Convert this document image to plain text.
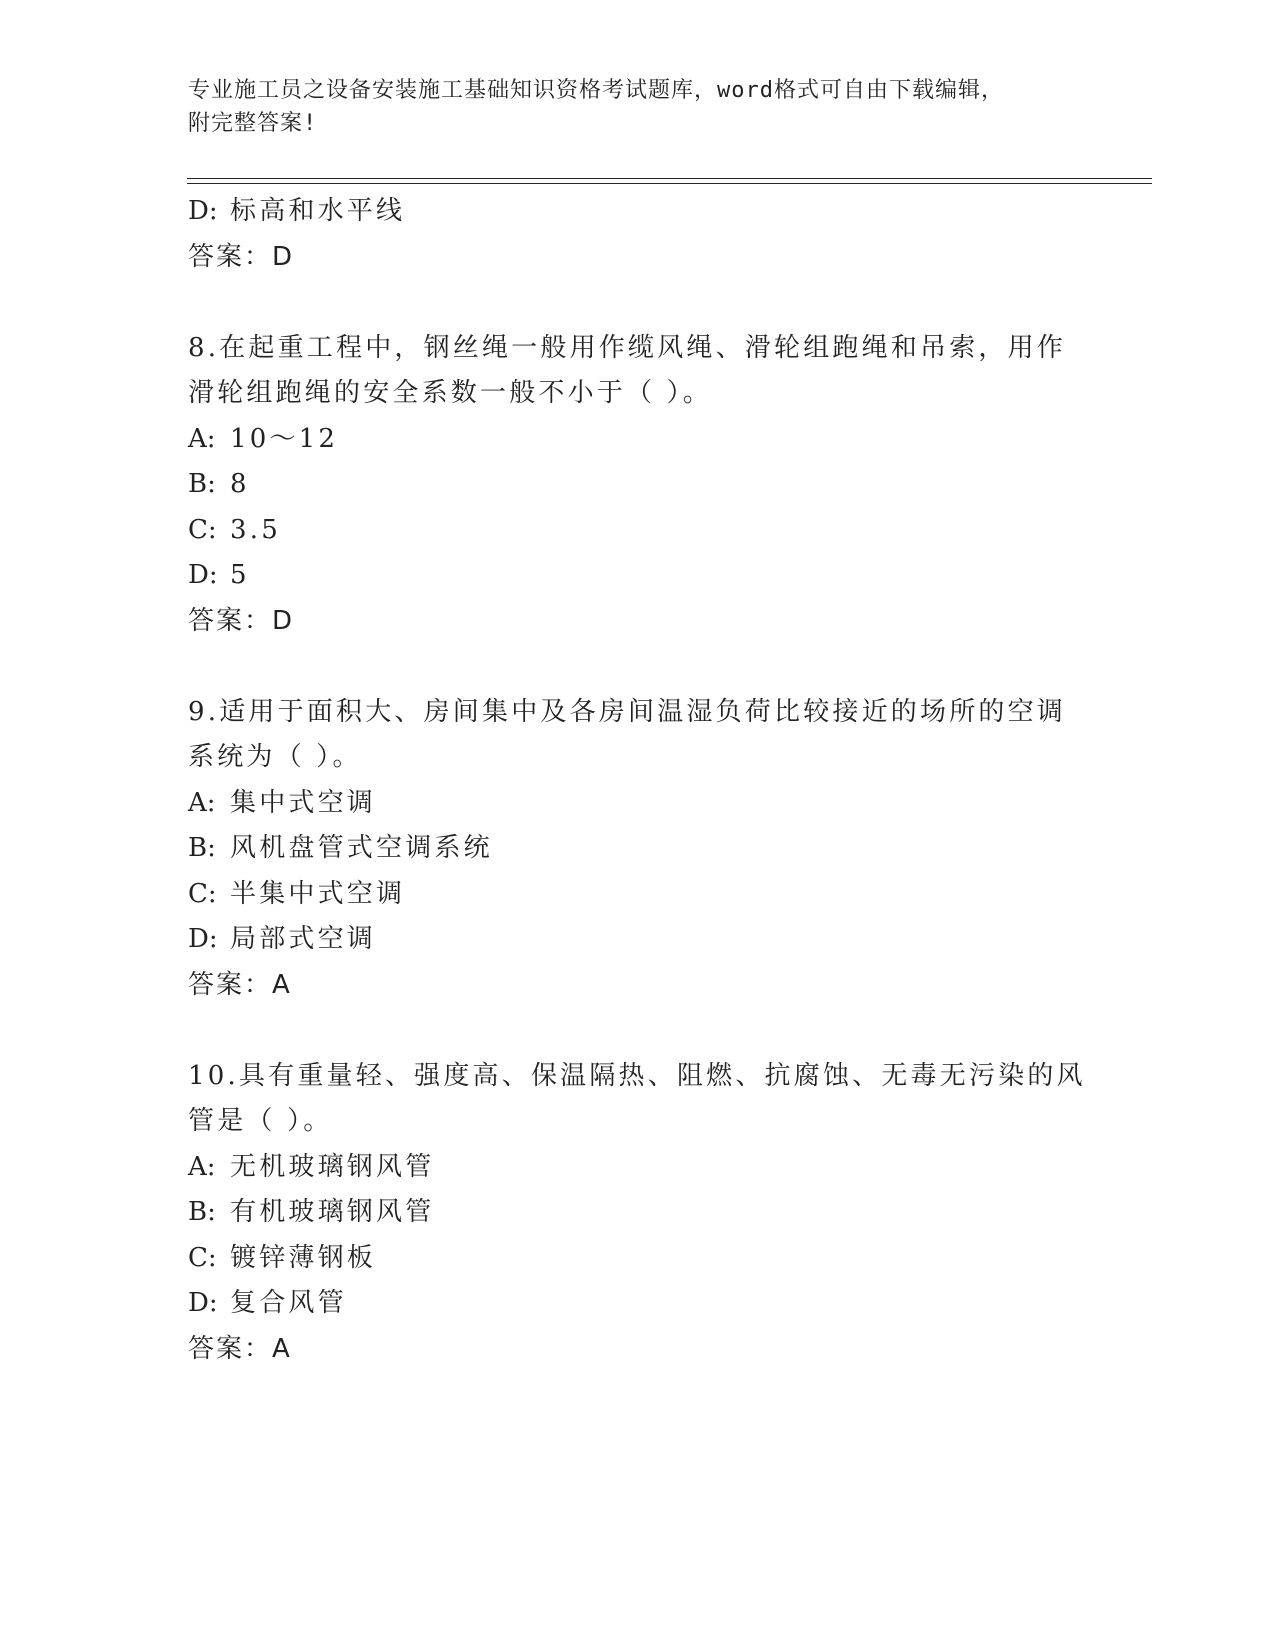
专业施工员之设备安装施工基础知识资格考试题库，word格式可自由下载编辑，
附完整答案!
D: 标高和水平线
答案：D
8.在起重工程中，钢丝绳一般用作缆风绳、滑轮组跑绳和吊索，用作
滑轮组跑绳的安全系数一般不小于（ ）。
A: 10～12
B: 8
C: 3.5
D: 5
答案：D
9.适用于面积大、房间集中及各房间温湿负荷比较接近的场所的空调
系统为（ ）。
A: 集中式空调
B: 风机盘管式空调系统
C: 半集中式空调
D: 局部式空调
答案：A
10.具有重量轻、强度高、保温隔热、阻燃、抗腐蚀、无毒无污染的风
管是（ ）。
A: 无机玻璃钢风管
B: 有机玻璃钢风管
C: 镀锌薄钢板
D: 复合风管
答案：A
